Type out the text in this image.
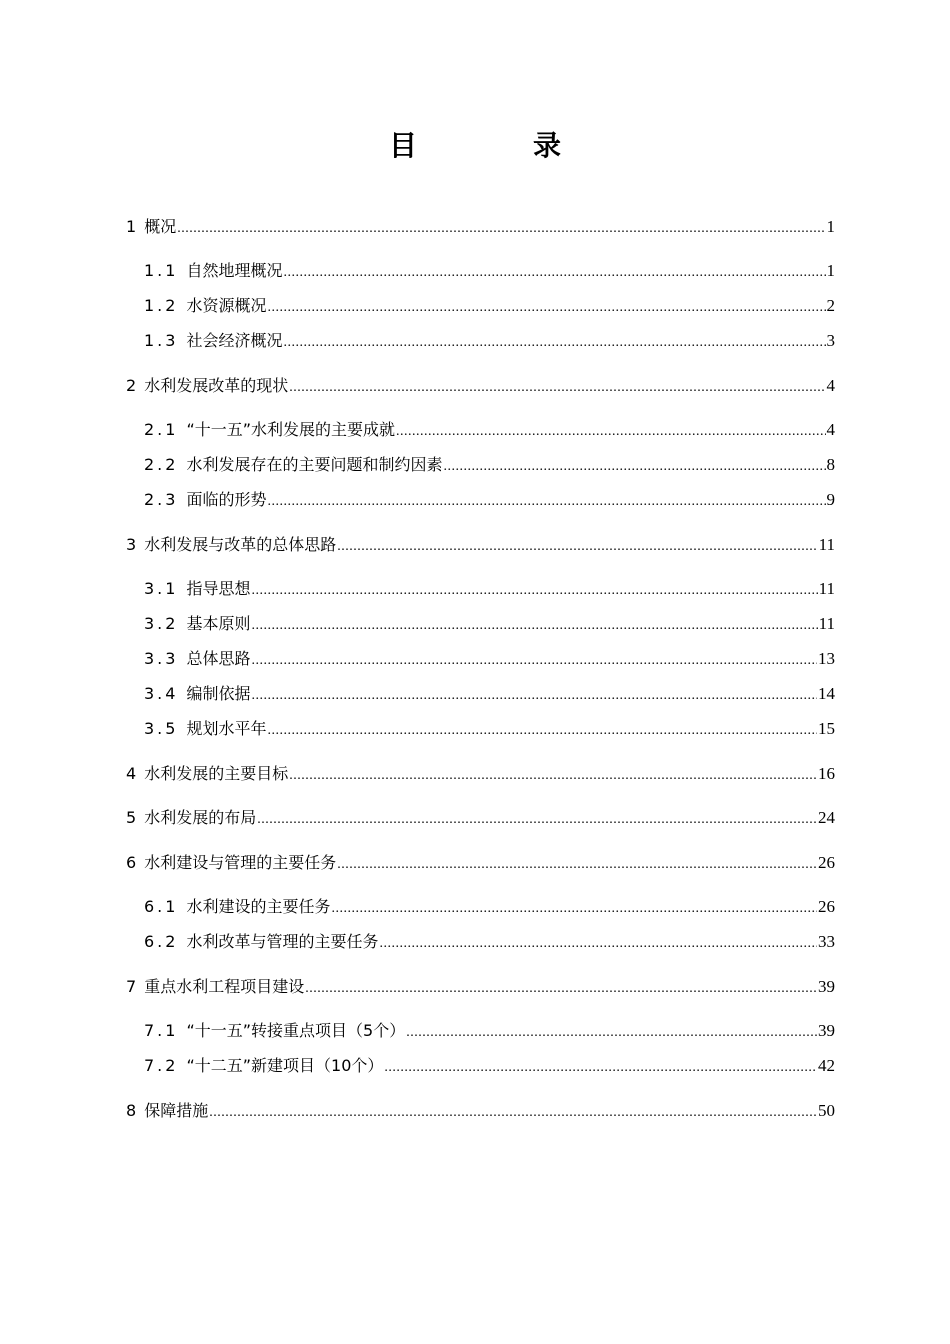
目　录
1 概况 .....	1
1.1 自然地理概况 .....	1
1.2 水资源概况 .....	2
1.3 社会经济概况 .....	3
2 水利发展改革的现状 .....	4
2.1 “十一五”水利发展的主要成就 .....	4
2.2 水利发展存在的主要问题和制约因素 .....	8
2.3 面临的形势 .....	9
3 水利发展与改革的总体思路 .....	11
3.1 指导思想 .....	11
3.2 基本原则 .....	11
3.3 总体思路 .....	13
3.4 编制依据 .....	14
3.5 规划水平年 .....	15
4 水利发展的主要目标 .....	16
5 水利发展的布局 .....	24
6 水利建设与管理的主要任务 .....	26
6.1 水利建设的主要任务 .....	26
6.2 水利改革与管理的主要任务 .....	33
7 重点水利工程项目建设 .....	39
7.1 “十一五”转接重点项目（5个） .....	39
7.2 “十二五”新建项目（10个） .....	42
8 保障措施 .....	50
